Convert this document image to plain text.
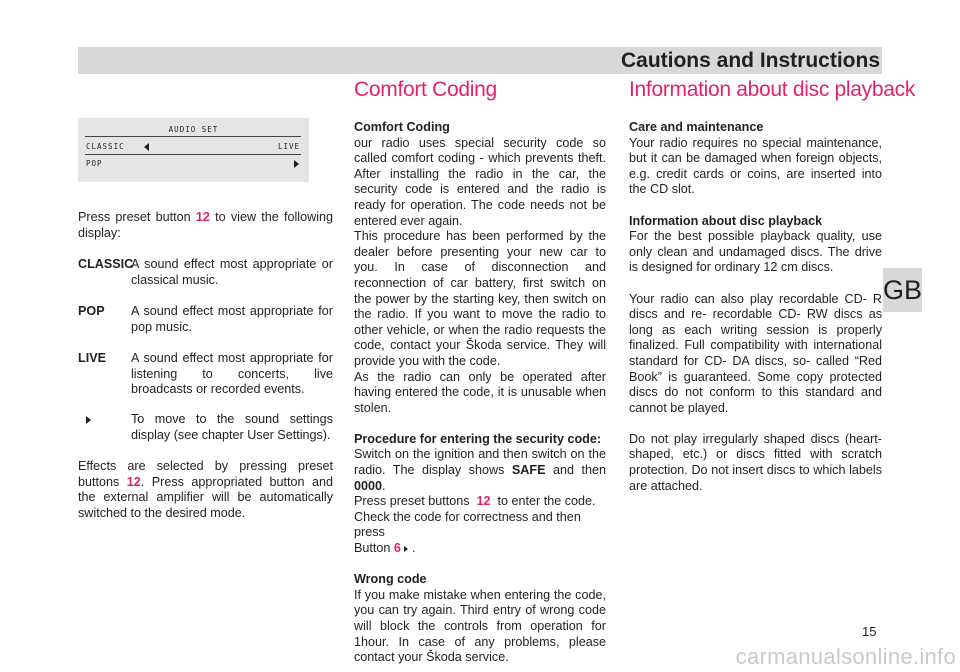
Cautions and Instructions
Comfort Coding	Information about disc playback
AUDIO SET
CLASSIC	LIVE
POP

Press preset button 12 to view the following display:

CLASSIC

A sound effect most appropriate or classical music.

POP A sound effect most appropriate for pop music.

LIVE A sound effect most appropriate for listening to concerts, live broadcasts or recorded events.

To move to the sound settings display (see chapter User Settings).

Effects are selected by pressing preset buttons 12. Press appropriated button and the external amplifier will be automatically switched to the desired mode.

Comfort Coding

our radio uses special security code so called comfort coding - which prevents theft. After installing the radio in the car, the security code is entered and the radio is ready for operation. The code needs not be entered ever again.

This procedure has been performed by the dealer before presenting your new car to you. In case of disconnection and reconnection of car battery, first switch on the power by the starting key, then switch on the radio. If you want to move the radio to other vehicle, or when the radio requests the code, contact your Škoda service. They will provide you with the code.

As the radio can only be operated after having entered the code, it is unusable when stolen.

Procedure for entering the security code:

Switch on the ignition and then switch on the radio. The display shows SAFE and then 0000.

Press preset buttons 12 to enter the code.

Check the code for correctness and then press

Button 6 .

Wrong code

If you make mistake when entering the code, you can try again. Third entry of wrong code will block the controls from operation for 1hour. In case of any problems, please contact your Škoda service.

Care and maintenance

Your radio requires no special maintenance, but it can be damaged when foreign objects, e.g. credit cards or coins, are inserted into the CD slot.

Information about disc playback

For the best possible playback quality, use only clean and undamaged discs. The drive is designed for ordinary 12 cm discs.

Your radio can also play recordable CD- R discs and re- recordable CD- RW discs as long as each writing session is properly finalized. Full compatibility with international standard for CD- DA discs, so- called “Red Book” is guaranteed. Some copy protected discs do not conform to this standard and cannot be played.

Do not play irregularly shaped discs (heart-shaped, etc.) or discs fitted with scratch protection. Do not insert discs to which labels are attached.

GB
15
carmanualsonline.info
